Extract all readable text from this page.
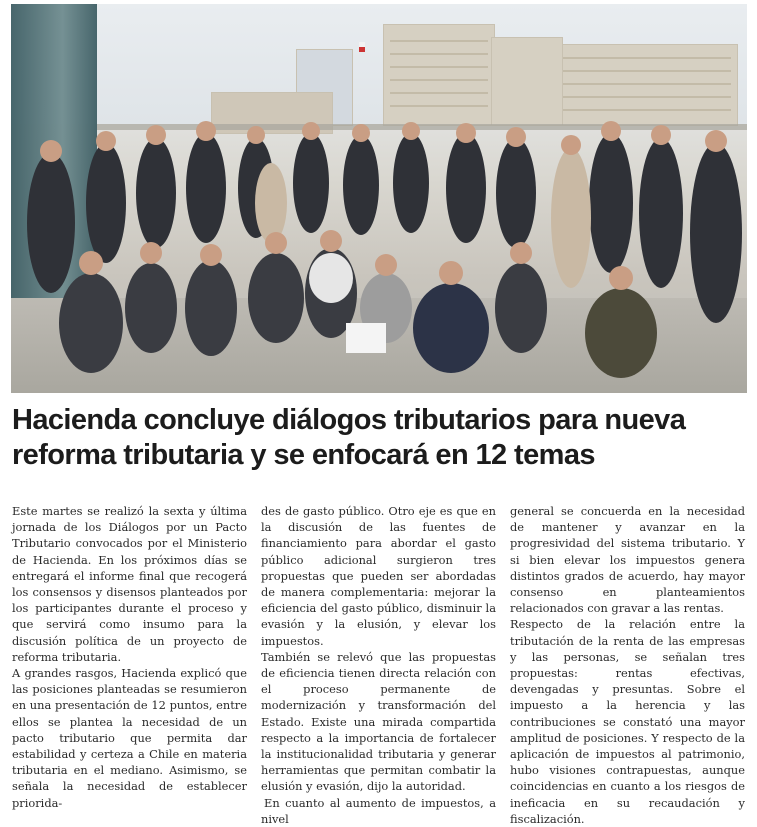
Hacienda concluye diálogos tributarios para nueva
reforma tributaria y se enfocará en 12 temas

Este martes se realizó la sexta y última jornada de los Diálogos por un Pacto Tributario convocados por el Ministerio de Hacienda. En los próximos días se entregará el informe final que recogerá los consensos y disensos planteados por los participantes durante el proceso y que servirá como insumo para la discusión política de un proyecto de reforma tributaria.

A grandes rasgos, Hacienda explicó que las posiciones planteadas se resumieron en una presentación de 12 puntos, entre ellos se plantea la necesidad de un pacto tributario que permita dar estabilidad y certeza a Chile en materia tributaria en el mediano. Asimismo, se señala la necesidad de establecer priorida-

des de gasto público. Otro eje es que en la discusión de las fuentes de financiamiento para abordar el gasto público adicional surgieron tres propuestas que pueden ser abordadas de manera complementaria: mejorar la eficiencia del gasto público, disminuir la evasión y la elusión, y elevar los impuestos.

También se relevó que las propuestas de eficiencia tienen directa relación con el proceso permanente de modernización y transformación del Estado. Existe una mirada compartida respecto a la importancia de fortalecer la institucionalidad tributaria y generar herramientas que permitan combatir la elusión y evasión, dijo la autoridad.

En cuanto al aumento de impuestos, a nivel

general se concuerda en la necesidad de mantener y avanzar en la progresividad del sistema tributario. Y si bien elevar los impuestos genera distintos grados de acuerdo, hay mayor consenso en planteamientos relacionados con gravar a las rentas.

Respecto de la relación entre la tributación de la renta de las empresas y las personas, se señalan tres propuestas: rentas efectivas, devengadas y presuntas. Sobre el impuesto a la herencia y las contribuciones se constató una mayor amplitud de posiciones. Y respecto de la aplicación de impuestos al patrimonio, hubo visiones contrapuestas, aunque coincidencias en cuanto a los riesgos de ineficacia en su recaudación y fiscalización.
